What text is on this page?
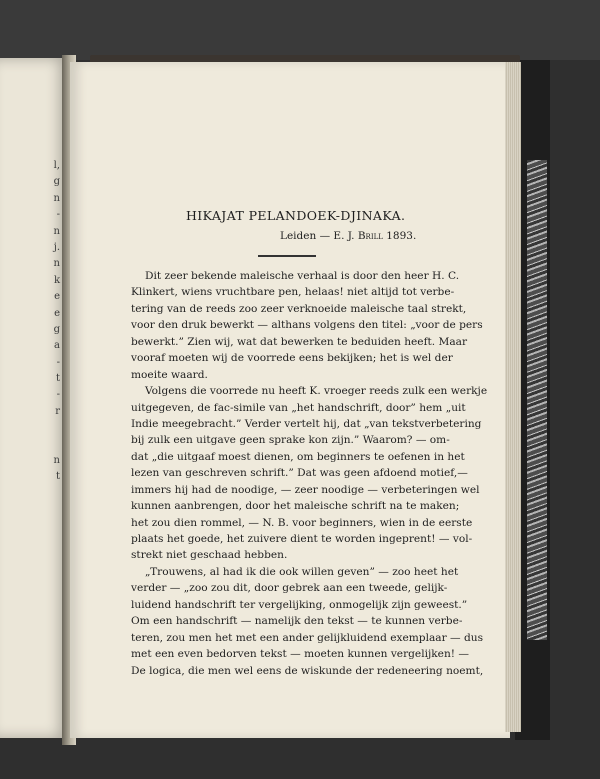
l,
g
n
-
n
j.
n
k
e
e
g
a
-
t
-
r
n
t
HIKAJAT PELANDOEK-DJINAKA.
Leiden — E. J. Brill 1893.
Dit zeer bekende maleische verhaal is door den heer H. C.
Klinkert, wiens vruchtbare pen, helaas! niet altijd tot verbe-
tering van de reeds zoo zeer verknoeide maleische taal strekt,
voor den druk bewerkt — althans volgens den titel: „voor de pers
bewerkt.” Zien wij, wat dat bewerken te beduiden heeft. Maar
vooraf moeten wij de voorrede eens bekijken; het is wel der
moeite waard.
Volgens die voorrede nu heeft K. vroeger reeds zulk een werkje
uitgegeven, de fac-simile van „het handschrift, door” hem „uit
Indie meegebracht.” Verder vertelt hij, dat „van tekstverbetering
bij zulk een uitgave geen sprake kon zijn.” Waarom? — om-
dat „die uitgaaf moest dienen, om beginners te oefenen in het
lezen van geschreven schrift.” Dat was geen afdoend motief,—
immers hij had de noodige, — zeer noodige — verbeteringen wel
kunnen aanbrengen, door het maleische schrift na te maken;
het zou dien rommel, — N. B. voor beginners, wien in de eerste
plaats het goede, het zuivere dient te worden ingeprent! — vol-
strekt niet geschaad hebben.
„Trouwens, al had ik die ook willen geven” — zoo heet het
verder — „zoo zou dit, door gebrek aan een tweede, gelijk-
luidend handschrift ter vergelijking, onmogelijk zijn geweest.”
Om een handschrift — namelijk den tekst — te kunnen verbe-
teren, zou men het met een ander gelijkluidend exemplaar — dus
met een even bedorven tekst — moeten kunnen vergelijken! —
De logica, die men wel eens de wiskunde der redeneering noemt,
